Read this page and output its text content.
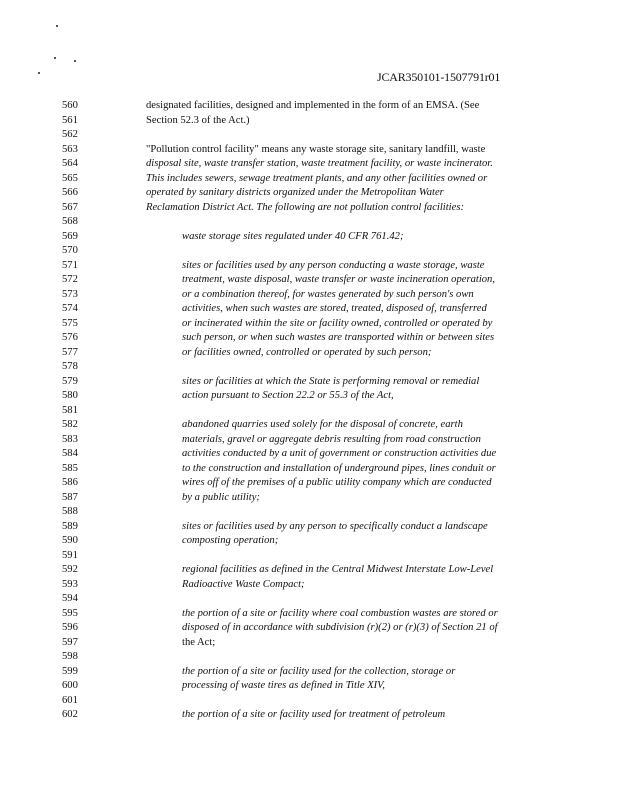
JCAR350101-1507791r01
560	designated facilities, designed and implemented in the form of an EMSA. (See
561	Section 52.3 of the Act.)
562
563	"Pollution control facility" means any waste storage site, sanitary landfill, waste
564	disposal site, waste transfer station, waste treatment facility, or waste incinerator.
565	This includes sewers, sewage treatment plants, and any other facilities owned or
566	operated by sanitary districts organized under the Metropolitan Water
567	Reclamation District Act. The following are not pollution control facilities:
568
569	waste storage sites regulated under 40 CFR 761.42;
570
571	sites or facilities used by any person conducting a waste storage, waste
572	treatment, waste disposal, waste transfer or waste incineration operation,
573	or a combination thereof, for wastes generated by such person's own
574	activities, when such wastes are stored, treated, disposed of, transferred
575	or incinerated within the site or facility owned, controlled or operated by
576	such person, or when such wastes are transported within or between sites
577	or facilities owned, controlled or operated by such person;
578
579	sites or facilities at which the State is performing removal or remedial
580	action pursuant to Section 22.2 or 55.3 of the Act,
581
582	abandoned quarries used solely for the disposal of concrete, earth
583	materials, gravel or aggregate debris resulting from road construction
584	activities conducted by a unit of government or construction activities due
585	to the construction and installation of underground pipes, lines conduit or
586	wires off of the premises of a public utility company which are conducted
587	by a public utility;
588
589	sites or facilities used by any person to specifically conduct a landscape
590	composting operation;
591
592	regional facilities as defined in the Central Midwest Interstate Low-Level
593	Radioactive Waste Compact;
594
595	the portion of a site or facility where coal combustion wastes are stored or
596	disposed of in accordance with subdivision (r)(2) or (r)(3) of Section 21 of
597	the Act;
598
599	the portion of a site or facility used for the collection, storage or
600	processing of waste tires as defined in Title XIV,
601
602	the portion of a site or facility used for treatment of petroleum
